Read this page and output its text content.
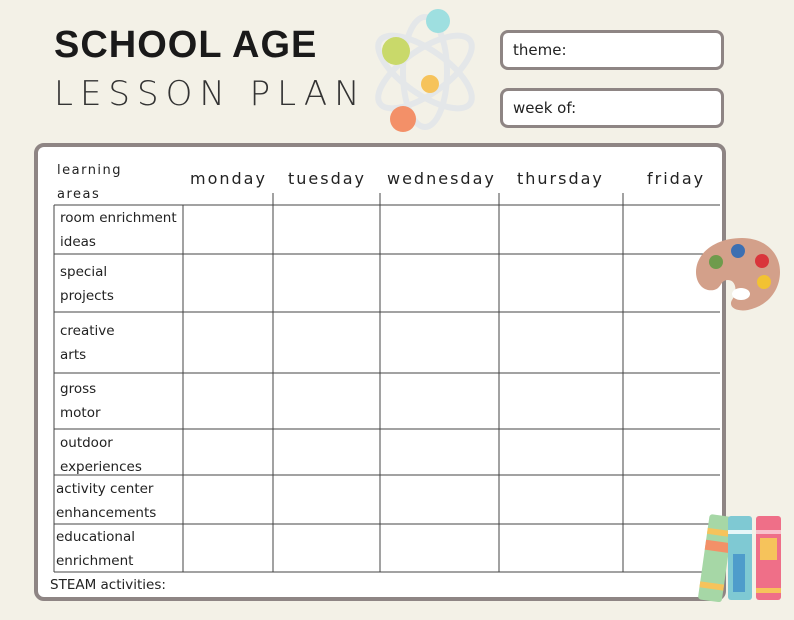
SCHOOL AGE
LESSON PLAN
theme:
week of:
learning
areas
monday tuesday wednesday thursday	friday
room enrichment
ideas
special
projects
creative
arts
gross
motor
outdoor
experiences
activity center
enhancements
educational
enrichment
STEAM activities:
